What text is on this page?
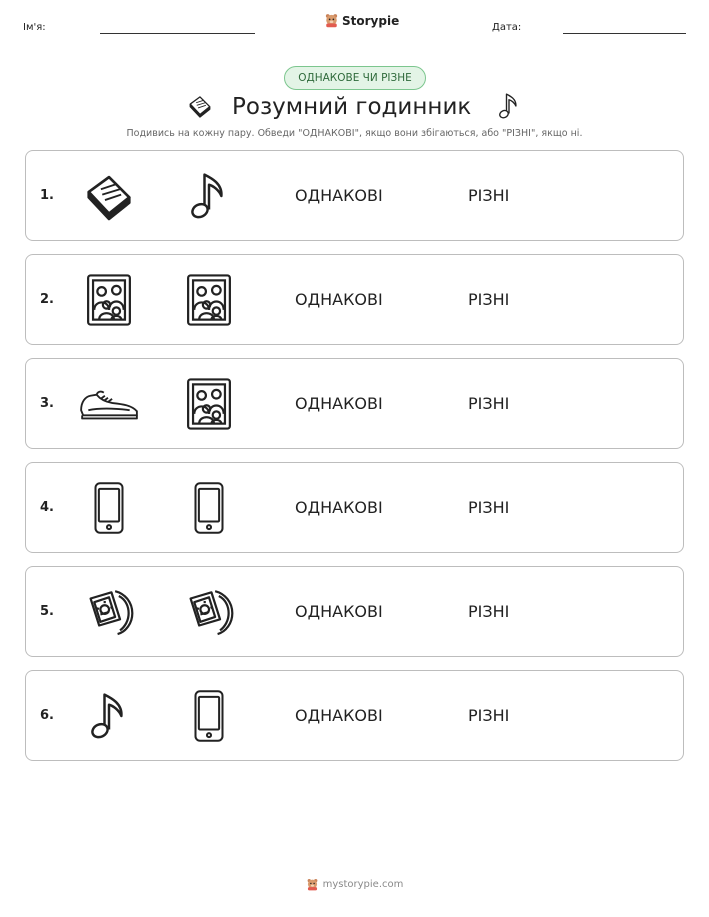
Ім'я:	Storypie	Дата:
ОДНАКОВЕ ЧИ РІЗНЕ
Розумний годинник
Подивись на кожну пару. Обведи "ОДНАКОВІ", якщо вони збігаються, або "РІЗНІ", якщо ні.
1.	ОДНАКОВІ	РІЗНІ
2.	ОДНАКОВІ	РІЗНІ
3.	ОДНАКОВІ	РІЗНІ
4.	ОДНАКОВІ	РІЗНІ
5.	ОДНАКОВІ	РІЗНІ
6.	ОДНАКОВІ	РІЗНІ
mystorypie.com
